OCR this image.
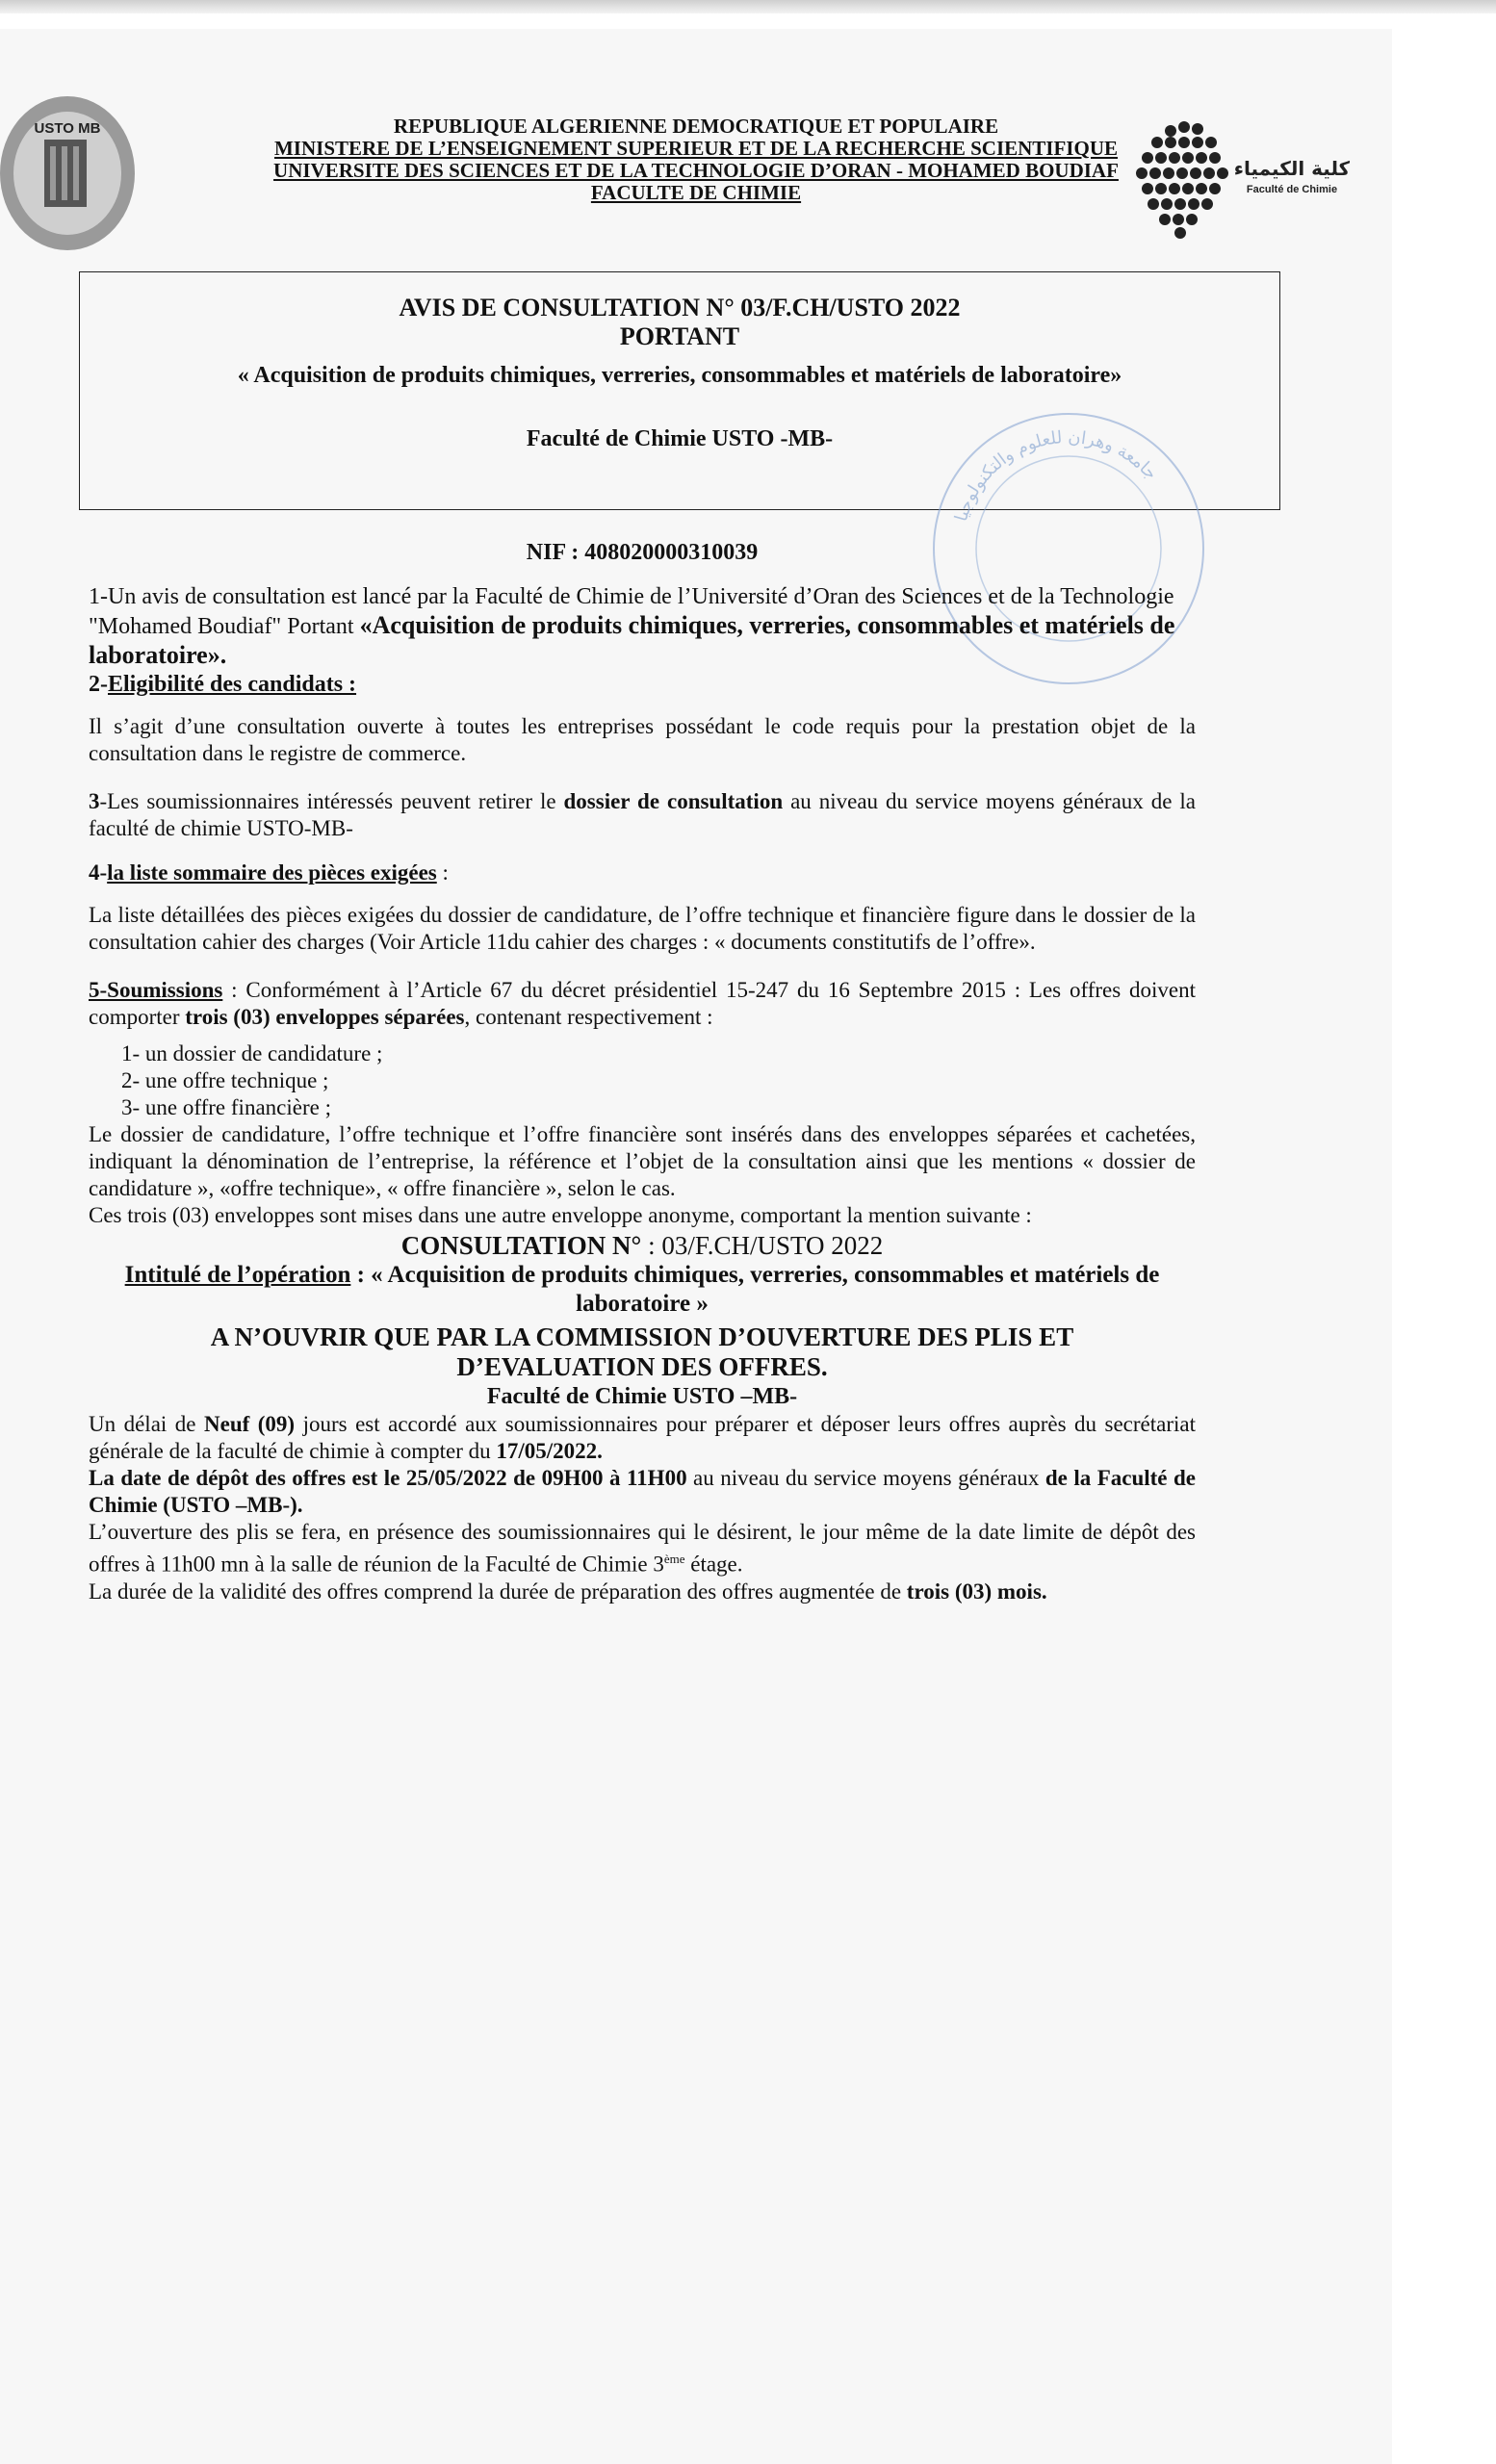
USTO MB	REPUBLIQUE ALGERIENNE DEMOCRATIQUE ET POPULAIRE
MINISTERE DE L’ENSEIGNEMENT SUPERIEUR ET DE LA RECHERCHE SCIENTIFIQUE
UNIVERSITE DES SCIENCES ET DE LA TECHNOLOGIE D’ORAN - MOHAMED BOUDIAF
FACULTE DE CHIMIE
كلية الكيمياء
Faculté de Chimie
AVIS DE CONSULTATION N° 03/F.CH/USTO 2022
PORTANT
« Acquisition de produits chimiques, verreries, consommables et matériels de laboratoire»
Faculté de Chimie USTO -MB-
جامعة وهران للعلوم والتكنولوجيا
NIF : 408020000310039

1-Un avis de consultation est lancé par la Faculté de Chimie de l’Université d’Oran des Sciences et de la Technologie "Mohamed Boudiaf" Portant «Acquisition de produits chimiques, verreries, consommables et matériels de laboratoire».

2-Eligibilité des candidats :

Il s’agit d’une consultation ouverte à toutes les entreprises possédant le code requis pour la prestation objet de la consultation dans le registre de commerce.

3-Les soumissionnaires intéressés peuvent retirer le dossier de consultation au niveau du service moyens généraux de la faculté de chimie USTO-MB-

4-la liste sommaire des pièces exigées :

La liste détaillées des pièces exigées du dossier de candidature, de l’offre technique et financière figure dans le dossier de la consultation cahier des charges (Voir Article 11du cahier des charges : « documents constitutifs de l’offre».

5-Soumissions : Conformément à l’Article 67 du décret présidentiel 15-247 du 16 Septembre 2015 : Les offres doivent comporter trois (03) enveloppes séparées, contenant respectivement :

1- un dossier de candidature ;
2- une offre technique ;
3- une offre financière ;

Le dossier de candidature, l’offre technique et l’offre financière sont insérés dans des enveloppes séparées et cachetées, indiquant la dénomination de l’entreprise, la référence et l’objet de la consultation ainsi que les mentions « dossier de candidature », «offre technique», « offre financière », selon le cas.

Ces trois (03) enveloppes sont mises dans une autre enveloppe anonyme, comportant la mention suivante :

CONSULTATION N° : 03/F.CH/USTO 2022
Intitulé de l’opération : « Acquisition de produits chimiques, verreries, consommables et matériels de laboratoire »
A N’OUVRIR QUE PAR LA COMMISSION D’OUVERTURE DES PLIS ET D’EVALUATION DES OFFRES.
Faculté de Chimie USTO –MB-

Un délai de Neuf (09) jours est accordé aux soumissionnaires pour préparer et déposer leurs offres auprès du secrétariat générale de la faculté de chimie à compter du 17/05/2022.

La date de dépôt des offres est le 25/05/2022 de 09H00 à 11H00 au niveau du service moyens généraux de la Faculté de Chimie (USTO –MB-).

L’ouverture des plis se fera, en présence des soumissionnaires qui le désirent, le jour même de la date limite de dépôt des offres à 11h00 mn à la salle de réunion de la Faculté de Chimie 3ème étage.

La durée de la validité des offres comprend la durée de préparation des offres augmentée de trois (03) mois.
